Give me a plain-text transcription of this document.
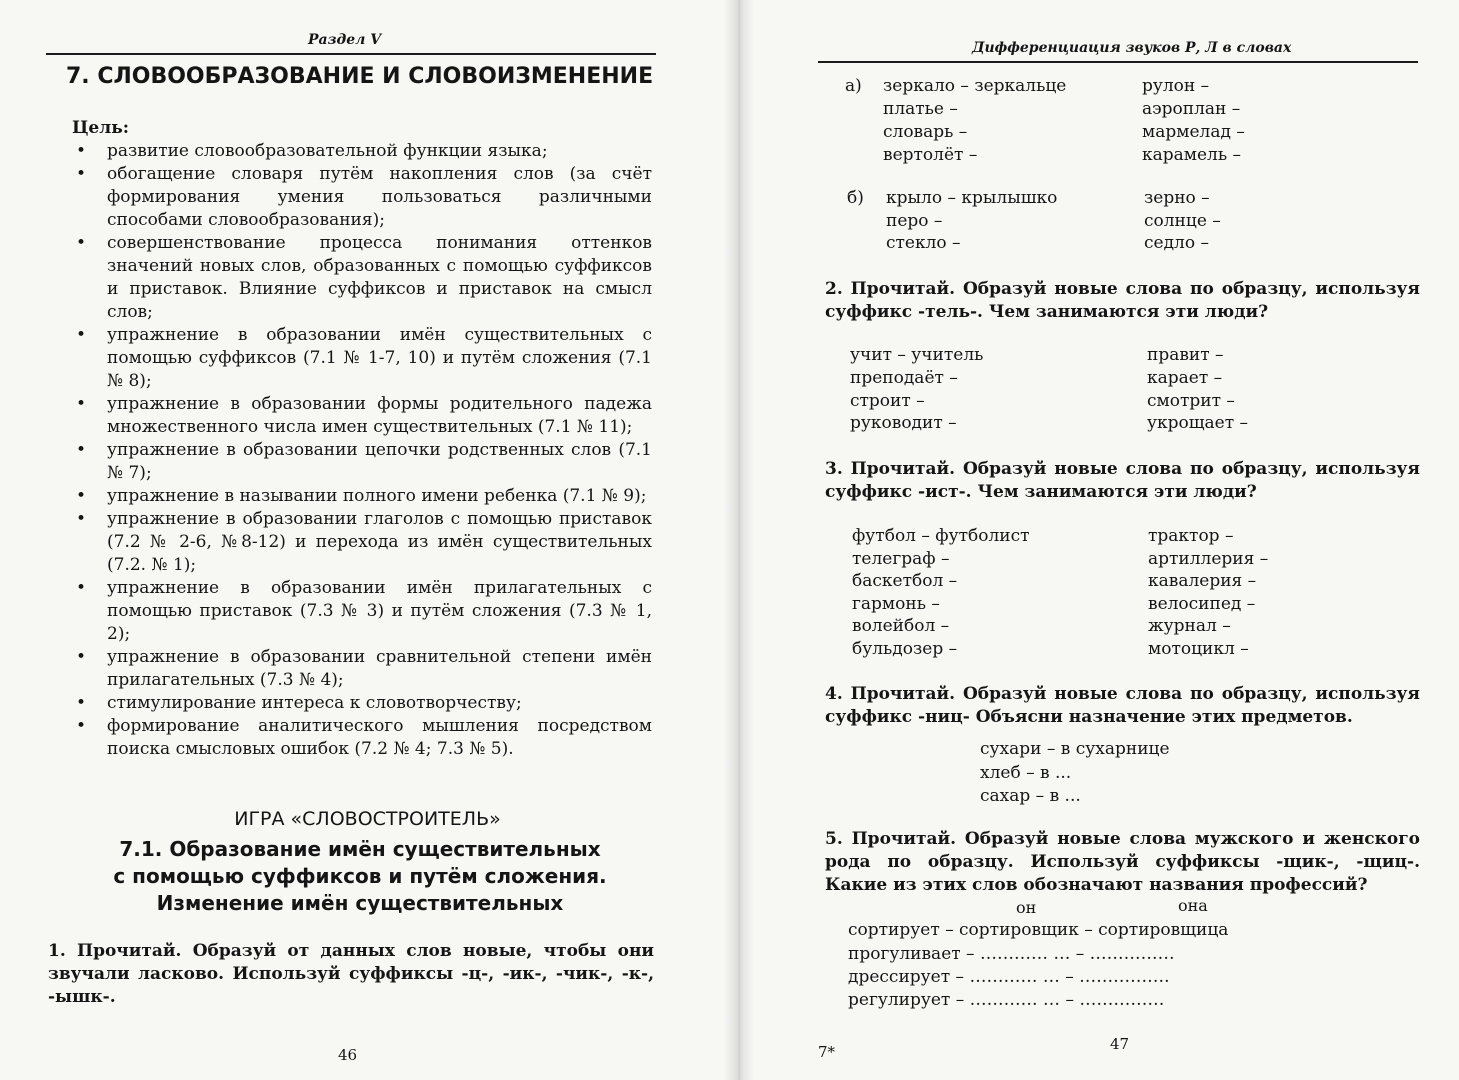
Раздел V
7. СЛОВООБРАЗОВАНИЕ И СЛОВОИЗМЕНЕНИЕ
Цель:
• развитие словообразовательной функции языка;
• обогащение словаря путём накопления слов (за счёт формирования умения пользоваться различными способами словообразования);
• совершенствование процесса понимания оттенков значений новых слов, образованных с помощью суффиксов и приставок. Влияние суффиксов и приставок на смысл слов;
• упражнение в образовании имён существительных с помощью суффиксов (7.1 № 1-7, 10) и путём сложения (7.1 № 8);
• упражнение в образовании формы родительного падежа множественного числа имен существительных (7.1 № 11);
• упражнение в образовании цепочки родственных слов (7.1 № 7);
• упражнение в назывании полного имени ребенка (7.1 № 9);
• упражнение в образовании глаголов с помощью приставок (7.2 № 2-6, №8-12) и перехода из имён существительных (7.2. № 1);
• упражнение в образовании имён прилагательных с помощью приставок (7.3 № 3) и путём сложения (7.3 № 1, 2);
• упражнение в образовании сравнительной степени имён прилагательных (7.3 № 4);
• стимулирование интереса к словотворчеству;
• формирование аналитического мышления посредством поиска смысловых ошибок (7.2 № 4; 7.3 № 5).
ИГРА «СЛОВОСТРОИТЕЛЬ»
7.1. Образование имён существительных
с помощью суффиксов и путём сложения.
Изменение имён существительных
1. Прочитай. Образуй от данных слов новые, чтобы они звучали ласково. Используй суффиксы -ц-, -ик-, -чик-, -к-, -ышк-.
46
Дифференциация звуков Р, Л в словах
а) зеркало – зеркальце
платье –
словарь –
вертолёт –
рулон –
аэроплан –
мармелад –
карамель –
б) крыло – крылышко
перо –
стекло –
зерно –
солнце –
седло –
2. Прочитай. Образуй новые слова по образцу, используя суффикс -тель-. Чем занимаются эти люди?
учит – учитель
преподаёт –
строит –
руководит –
правит –
карает –
смотрит –
укрощает –
3. Прочитай. Образуй новые слова по образцу, используя суффикс -ист-. Чем занимаются эти люди?
футбол – футболист
телеграф –
баскетбол –
гармонь –
волейбол –
бульдозер –
трактор –
артиллерия –
кавалерия –
велосипед –
журнал –
мотоцикл –
4. Прочитай. Образуй новые слова по образцу, используя суффикс -ниц- Объясни назначение этих предметов.
сухари – в сухарнице
хлеб – в ...
сахар – в ...
5. Прочитай. Образуй новые слова мужского и женского рода по образцу. Используй суффиксы -щик-, -щиц-. Какие из этих слов обозначают названия профессий?
он	она
сортирует – сортировщик – сортировщица
прогуливает – ………… … – ……………
дрессирует – ………… … – …………….
регулирует – ………… … – ……………
7*	47
